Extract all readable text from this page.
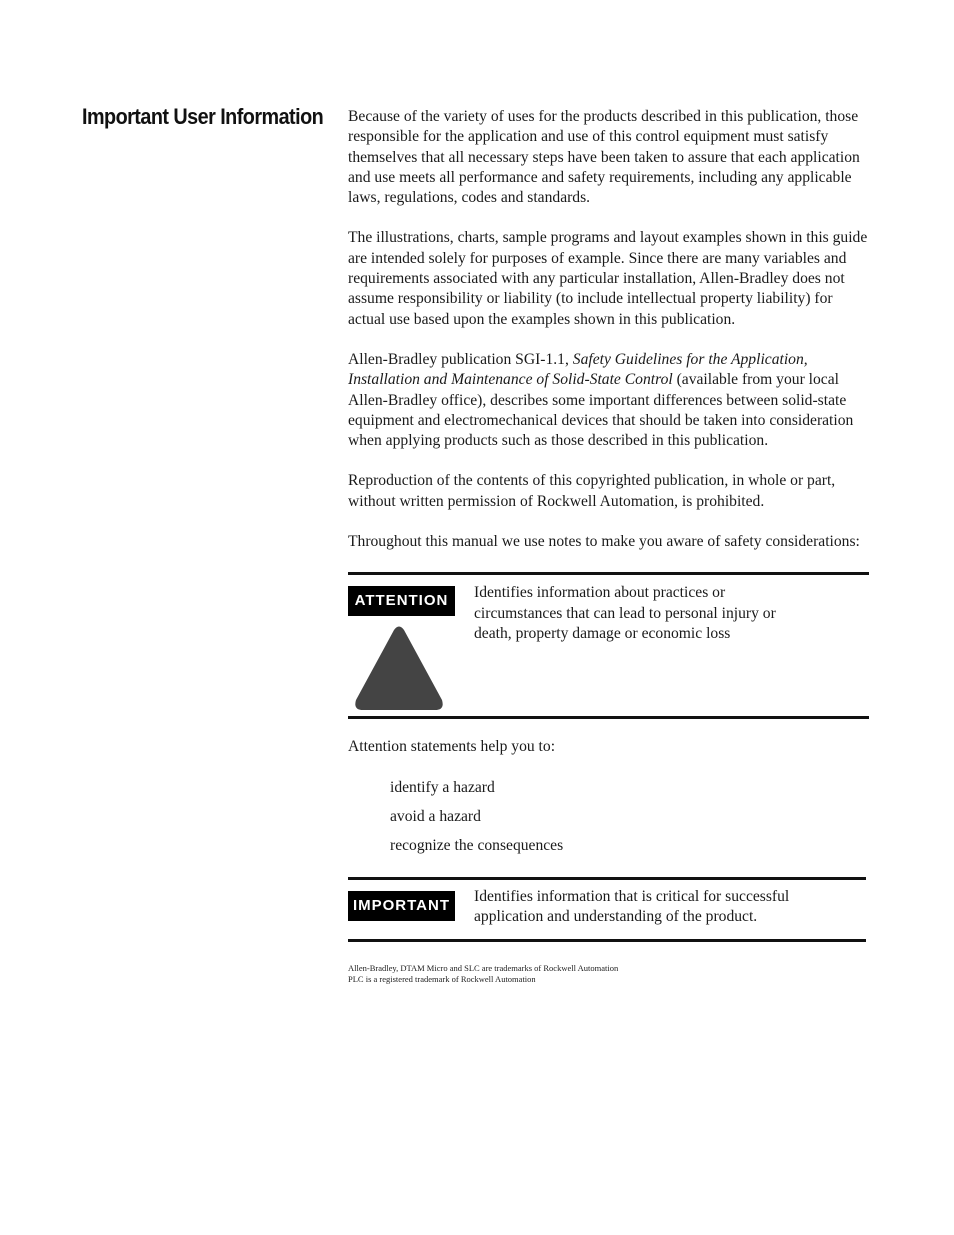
Important User Information Because of the variety of uses for the products described in this publication, those responsible for the application and use of this control equipment must satisfy themselves that all necessary steps have been taken to assure that each application and use meets all performance and safety requirements, including any applicable laws, regulations, codes and standards.

The illustrations, charts, sample programs and layout examples shown in this guide are intended solely for purposes of example. Since there are many variables and requirements associated with any particular installation, Allen-Bradley does not assume responsibility or liability (to include intellectual property liability) for actual use based upon the examples shown in this publication.

Allen-Bradley publication SGI-1.1, Safety Guidelines for the Application, Installation and Maintenance of Solid-State Control (available from your local Allen-Bradley office), describes some important differences between solid-state equipment and electromechanical devices that should be taken into consideration when applying products such as those described in this publication.

Reproduction of the contents of this copyrighted publication, in whole or part, without written permission of Rockwell Automation, is prohibited.

Throughout this manual we use notes to make you aware of safety considerations:

ATTENTION	Identifies information about practices or circumstances that can lead to personal injury or death, property damage or economic loss

Attention statements help you to:

identify a hazard
avoid a hazard
recognize the consequences
IMPORTANT
Identifies information that is critical for successful application and understanding of the product.
Allen-Bradley, DTAM Micro and SLC are trademarks of Rockwell Automation
PLC is a registered trademark of Rockwell Automation
